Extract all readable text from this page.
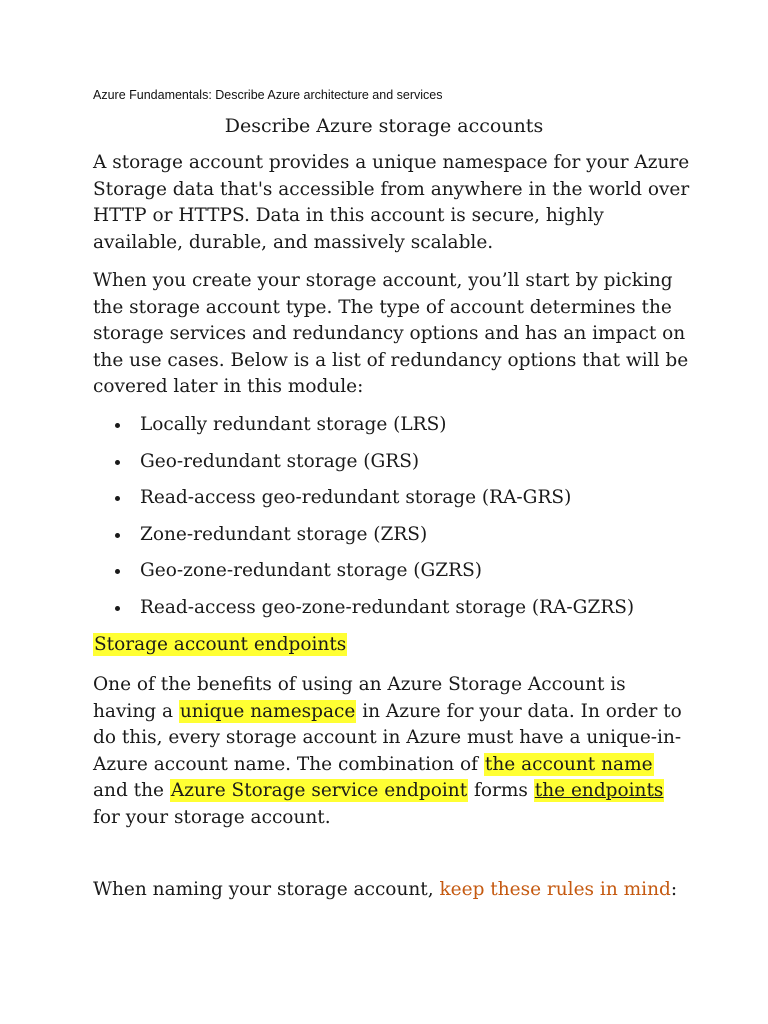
Azure Fundamentals: Describe Azure architecture and services
Describe Azure storage accounts
A storage account provides a unique namespace for your Azure Storage data that's accessible from anywhere in the world over HTTP or HTTPS. Data in this account is secure, highly available, durable, and massively scalable.
When you create your storage account, you’ll start by picking the storage account type. The type of account determines the storage services and redundancy options and has an impact on the use cases. Below is a list of redundancy options that will be covered later in this module:
Locally redundant storage (LRS)
Geo-redundant storage (GRS)
Read-access geo-redundant storage (RA-GRS)
Zone-redundant storage (ZRS)
Geo-zone-redundant storage (GZRS)
Read-access geo-zone-redundant storage (RA-GZRS)
Storage account endpoints
One of the benefits of using an Azure Storage Account is having a unique namespace in Azure for your data. In order to do this, every storage account in Azure must have a unique-in-Azure account name. The combination of the account name and the Azure Storage service endpoint forms the endpoints for your storage account.
When naming your storage account, keep these rules in mind:
